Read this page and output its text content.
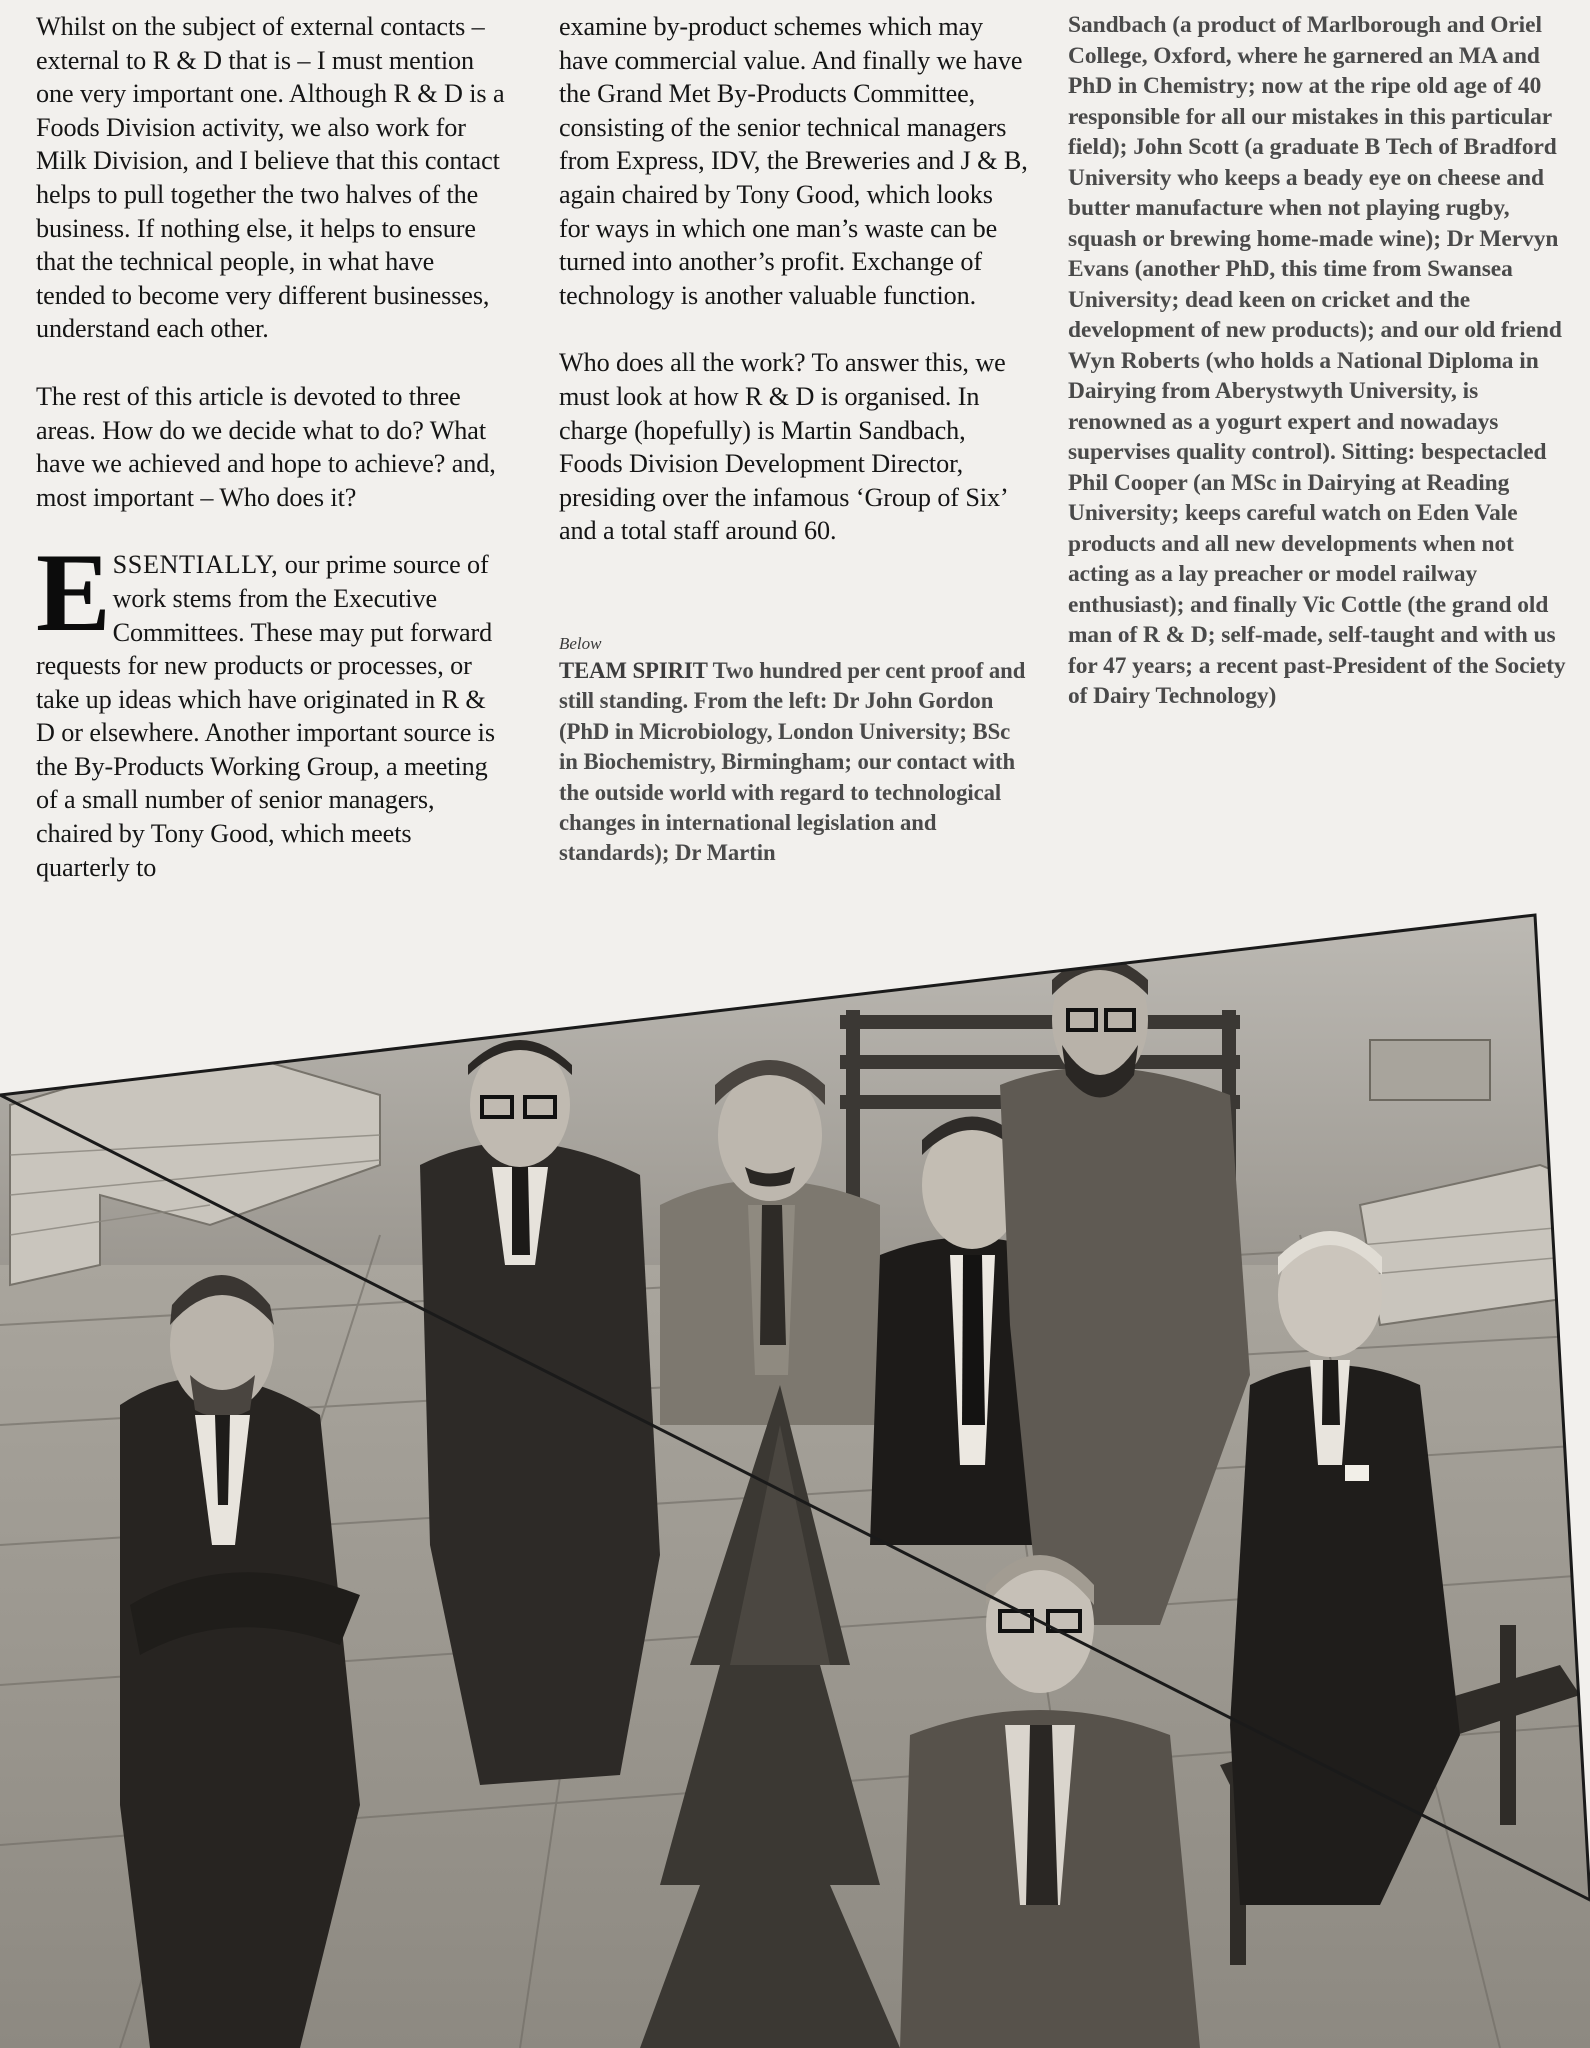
Whilst on the subject of external contacts – external to R & D that is – I must mention one very important one. Although R & D is a Foods Division activity, we also work for Milk Division, and I believe that this contact helps to pull together the two halves of the business. If nothing else, it helps to ensure that the technical people, in what have tended to become very different businesses, understand each other.

The rest of this article is devoted to three areas. How do we decide what to do? What have we achieved and hope to achieve? and, most important – Who does it?

ESSENTIALLY, our prime source of work stems from the Executive Committees. These may put forward requests for new products or processes, or take up ideas which have originated in R & D or elsewhere. Another important source is the By-Products Working Group, a meeting of a small number of senior managers, chaired by Tony Good, which meets quarterly to

examine by-product schemes which may have commercial value. And finally we have the Grand Met By-Products Committee, consisting of the senior technical managers from Express, IDV, the Breweries and J & B, again chaired by Tony Good, which looks for ways in which one man’s waste can be turned into another’s profit. Exchange of technology is another valuable function.

Who does all the work? To answer this, we must look at how R & D is organised. In charge (hopefully) is Martin Sandbach, Foods Division Development Director, presiding over the infamous ‘Group of Six’ and a total staff around 60.

Below

TEAM SPIRIT Two hundred per cent proof and still standing. From the left: Dr John Gordon (PhD in Microbiology, London University; BSc in Biochemistry, Birmingham; our contact with the outside world with regard to technological changes in international legislation and standards); Dr Martin

Sandbach (a product of Marlborough and Oriel College, Oxford, where he garnered an MA and PhD in Chemistry; now at the ripe old age of 40 responsible for all our mistakes in this particular field); John Scott (a graduate B Tech of Bradford University who keeps a beady eye on cheese and butter manufacture when not playing rugby, squash or brewing home-made wine); Dr Mervyn Evans (another PhD, this time from Swansea University; dead keen on cricket and the development of new products); and our old friend Wyn Roberts (who holds a National Diploma in Dairying from Aberystwyth University, is renowned as a yogurt expert and nowadays supervises quality control). Sitting: bespectacled Phil Cooper (an MSc in Dairying at Reading University; keeps careful watch on Eden Vale products and all new developments when not acting as a lay preacher or model railway enthusiast); and finally Vic Cottle (the grand old man of R & D; self-made, self-taught and with us for 47 years; a recent past-President of the Society of Dairy Technology)
